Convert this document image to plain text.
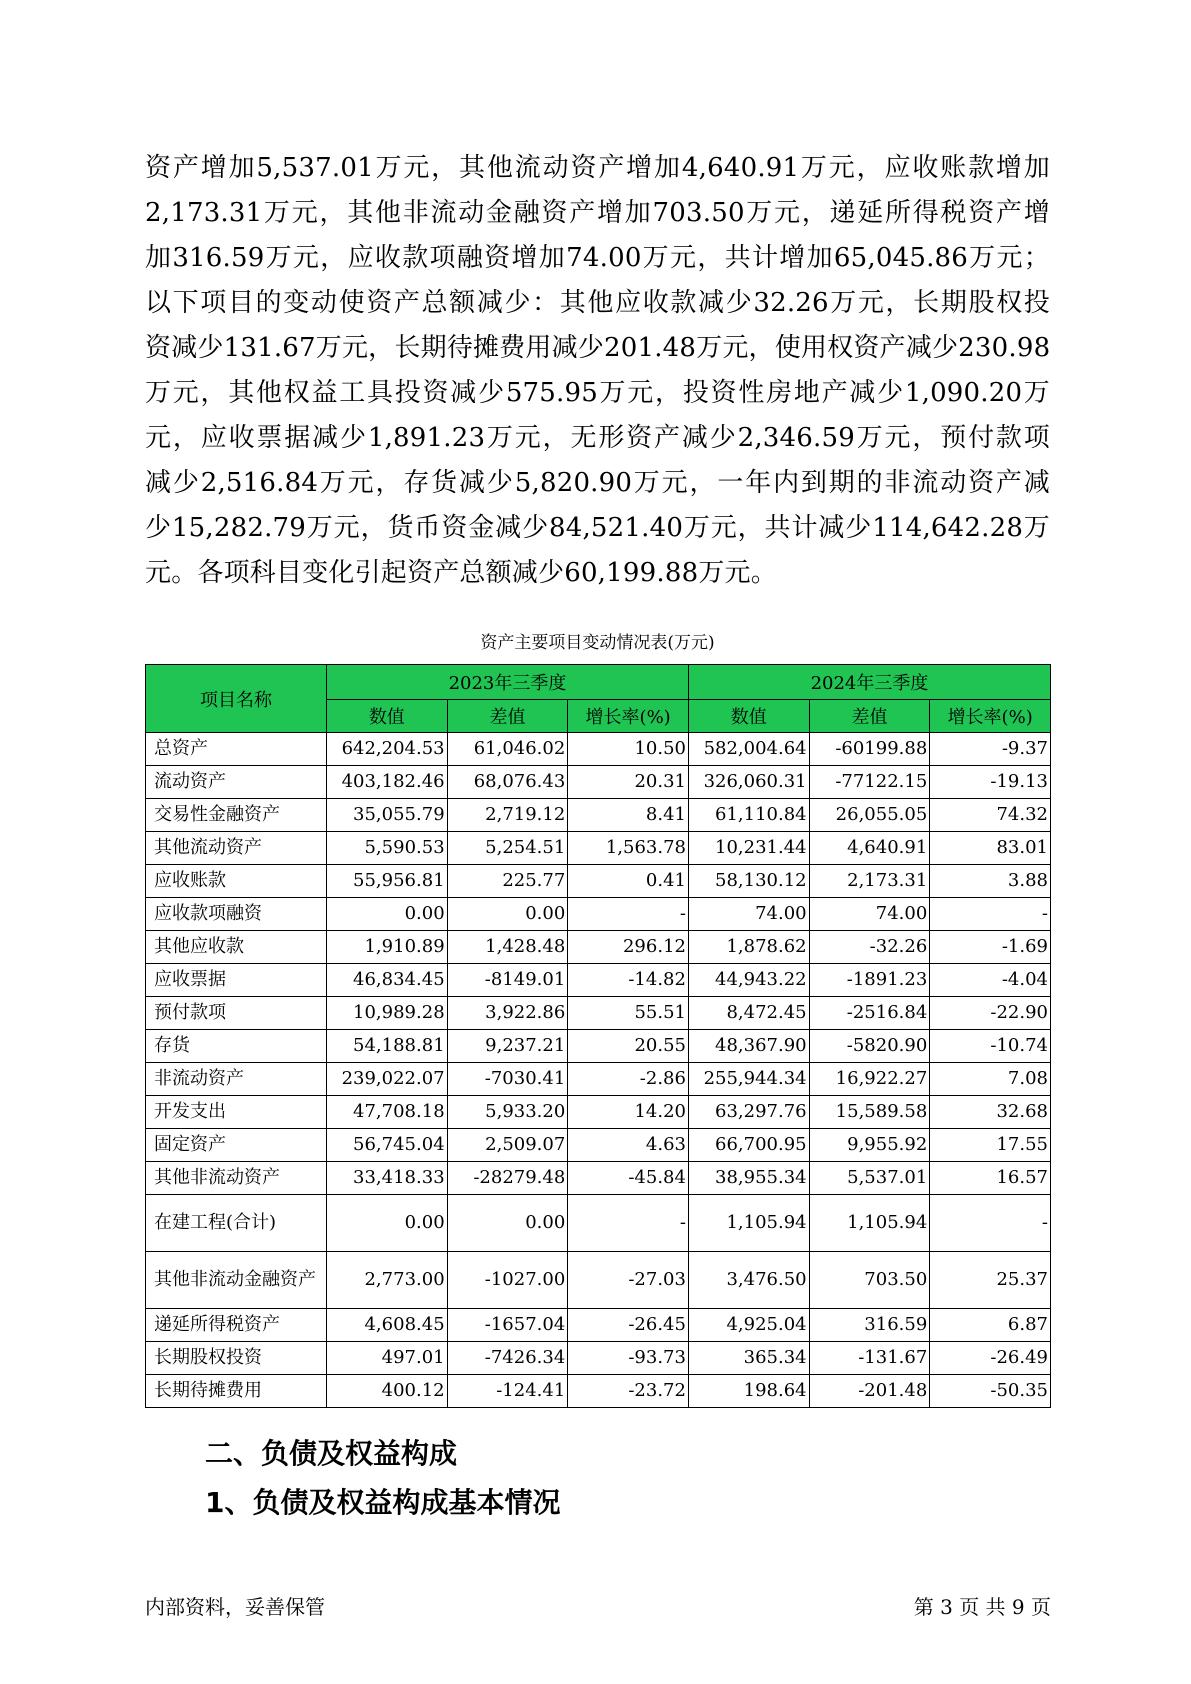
资产增加5,537.01万元，其他流动资产增加4,640.91万元，应收账款增加
2,173.31万元，其他非流动金融资产增加703.50万元，递延所得税资产增
加316.59万元，应收款项融资增加74.00万元，共计增加65,045.86万元；
以下项目的变动使资产总额减少：其他应收款减少32.26万元，长期股权投
资减少131.67万元，长期待摊费用减少201.48万元，使用权资产减少230.98
万元，其他权益工具投资减少575.95万元，投资性房地产减少1,090.20万
元，应收票据减少1,891.23万元，无形资产减少2,346.59万元，预付款项
减少2,516.84万元，存货减少5,820.90万元，一年内到期的非流动资产减
少15,282.79万元，货币资金减少84,521.40万元，共计减少114,642.28万
元。各项科目变化引起资产总额减少60,199.88万元。
资产主要项目变动情况表(万元)
项目名称	2023年三季度			2024年三季度		
	数值	差值	增长率(%)	数值	差值	增长率(%)
总资产	642,204.53	61,046.02	10.50	582,004.64	-60199.88	-9.37
流动资产	403,182.46	68,076.43	20.31	326,060.31	-77122.15	-19.13
交易性金融资产	35,055.79	2,719.12	8.41	61,110.84	26,055.05	74.32
其他流动资产	5,590.53	5,254.51	1,563.78	10,231.44	4,640.91	83.01
应收账款	55,956.81	225.77	0.41	58,130.12	2,173.31	3.88
应收款项融资	0.00	0.00	-	74.00	74.00	-
其他应收款	1,910.89	1,428.48	296.12	1,878.62	-32.26	-1.69
应收票据	46,834.45	-8149.01	-14.82	44,943.22	-1891.23	-4.04
预付款项	10,989.28	3,922.86	55.51	8,472.45	-2516.84	-22.90
存货	54,188.81	9,237.21	20.55	48,367.90	-5820.90	-10.74
非流动资产	239,022.07	-7030.41	-2.86	255,944.34	16,922.27	7.08
开发支出	47,708.18	5,933.20	14.20	63,297.76	15,589.58	32.68
固定资产	56,745.04	2,509.07	4.63	66,700.95	9,955.92	17.55
其他非流动资产	33,418.33	-28279.48	-45.84	38,955.34	5,537.01	16.57
在建工程(合计)	0.00	0.00	-	1,105.94	1,105.94	-
其他非流动金融资产	2,773.00	-1027.00	-27.03	3,476.50	703.50	25.37
递延所得税资产	4,608.45	-1657.04	-26.45	4,925.04	316.59	6.87
长期股权投资	497.01	-7426.34	-93.73	365.34	-131.67	-26.49
长期待摊费用	400.12	-124.41	-23.72	198.64	-201.48	-50.35
二、负债及权益构成
1、负债及权益构成基本情况
内部资料，妥善保管	第 3 页 共 9 页
